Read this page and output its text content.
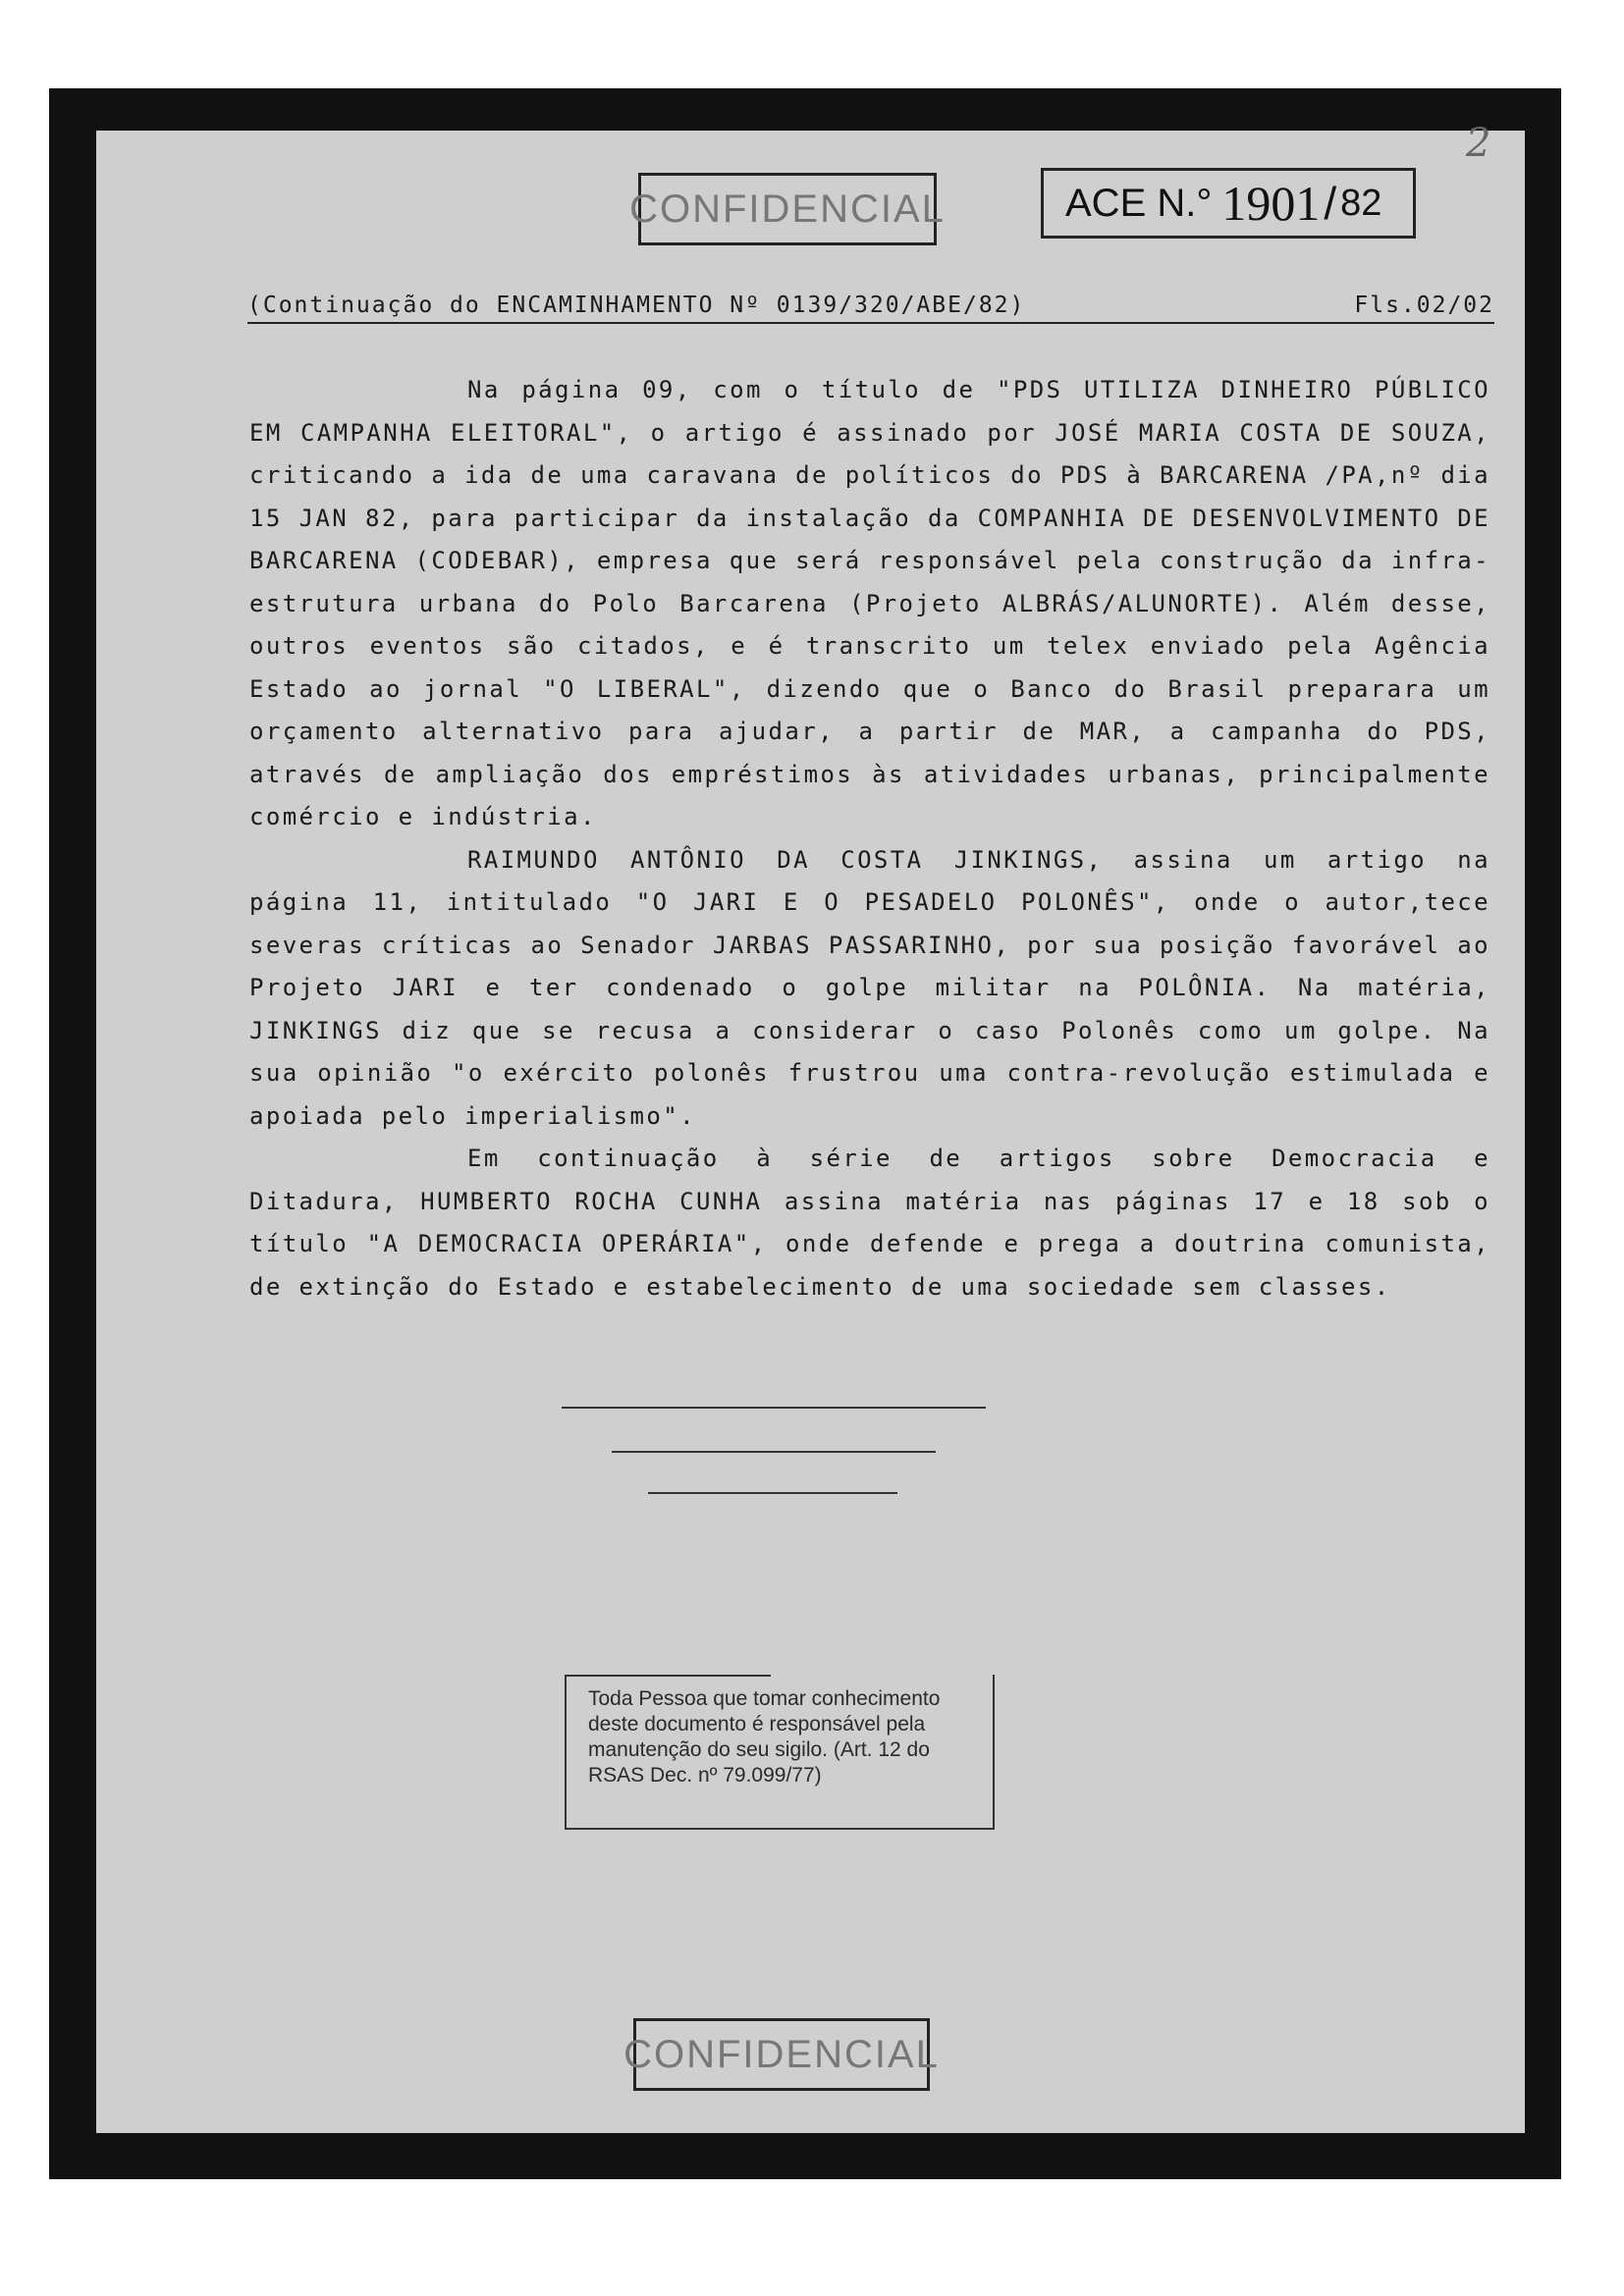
2
CONFIDENCIAL	ACE N.° 1901 / 82
(Continuação do ENCAMINHAMENTO Nº 0139/320/ABE/82)	Fls.02/02

Na página 09, com o título de "PDS UTILIZA DINHEIRO PÚBLICO EM CAMPANHA ELEITORAL", o artigo é assinado por JOSÉ MARIA COSTA DE SOUZA, criticando a ida de uma caravana de políticos do PDS à BARCARENA /PA,nº dia 15 JAN 82, para participar da instalação da COMPANHIA DE DESENVOLVIMENTO DE BARCARENA (CODEBAR), empresa que será responsável pela construção da infra-estrutura urbana do Polo Barcarena (Projeto ALBRÁS/ALUNORTE). Além desse, outros eventos são citados, e é transcrito um telex enviado pela Agência Estado ao jornal "O LIBERAL", dizendo que o Banco do Brasil preparara um orçamento alternativo para ajudar, a partir de MAR, a campanha do PDS, através de ampliação dos empréstimos às atividades urbanas, principalmente comércio e indústria.

RAIMUNDO ANTÔNIO DA COSTA JINKINGS, assina um artigo na página 11, intitulado "O JARI E O PESADELO POLONÊS", onde o autor,tece severas críticas ao Senador JARBAS PASSARINHO, por sua posição favorável ao Projeto JARI e ter condenado o golpe militar na POLÔNIA. Na matéria, JINKINGS diz que se recusa a considerar o caso Polonês como um golpe. Na sua opinião "o exército polonês frustrou uma contra-revolução estimulada e apoiada pelo imperialismo".

Em continuação à série de artigos sobre Democracia e Ditadura, HUMBERTO ROCHA CUNHA assina matéria nas páginas 17 e 18 sob o título "A DEMOCRACIA OPERÁRIA", onde defende e prega a doutrina comunista, de extinção do Estado e estabelecimento de uma sociedade sem classes.

Toda Pessoa que tomar conhecimento deste documento é responsável pela manutenção do seu sigilo. (Art. 12 do RSAS Dec. nº 79.099/77)
CONFIDENCIAL
